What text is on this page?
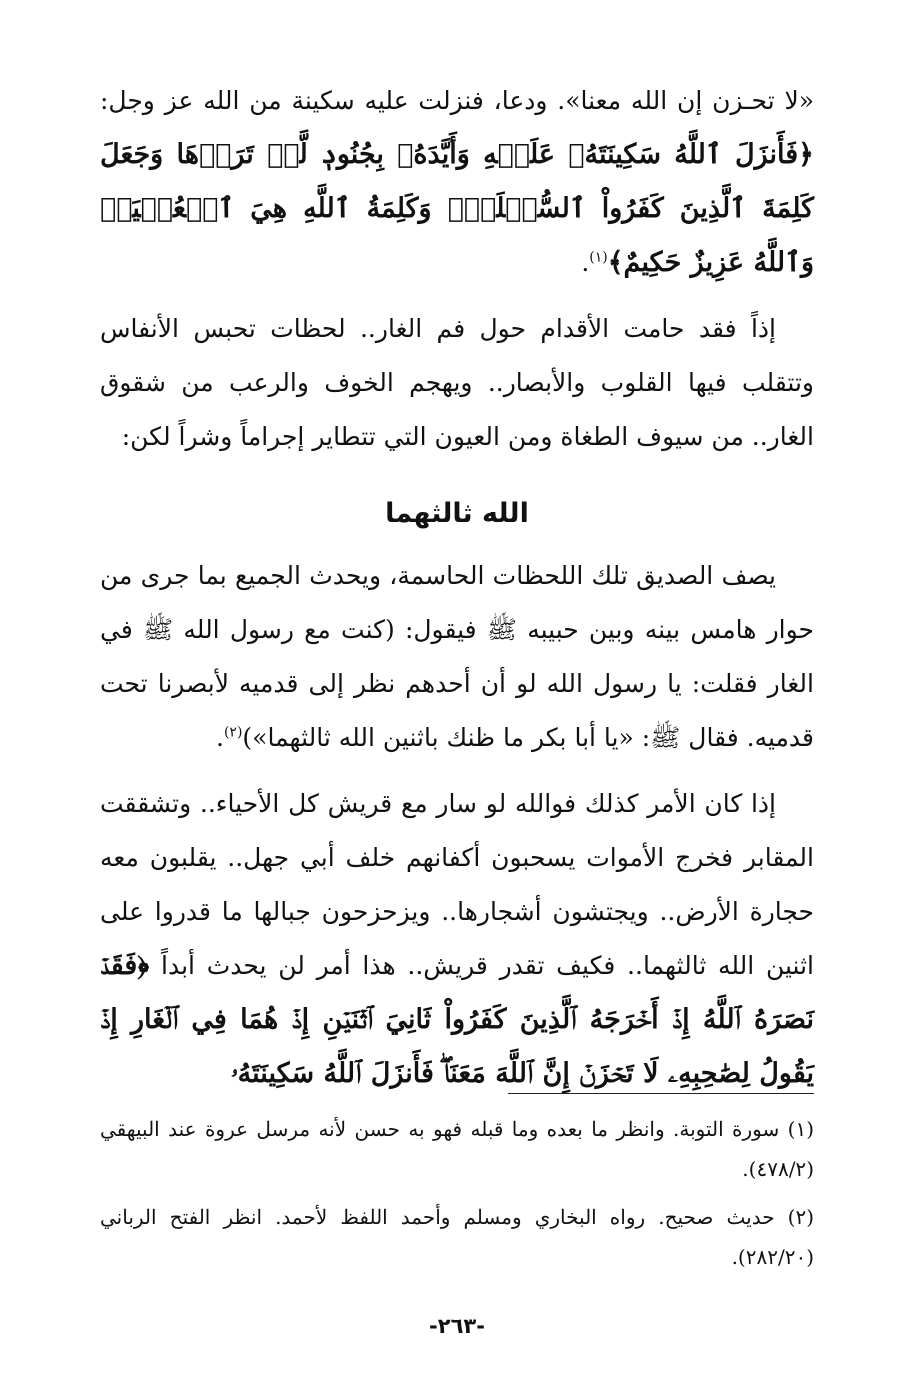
«لا تحـزن إن الله معنا». ودعا، فنزلت عليه سكينة من الله عز وجل: ﴿فَأَنزَلَ ٱللَّهُ سَكِينَتَهُۥ عَلَيۡهِ وَأَيَّدَهُۥ بِجُنُودٖ لَّمۡ تَرَوۡهَا وَجَعَلَ كَلِمَةَ ٱلَّذِينَ كَفَرُواْ ٱلسُّفۡلَىٰۗ وَكَلِمَةُ ٱللَّهِ هِيَ ٱلۡعُلۡيَاۗ وَٱللَّهُ عَزِيزٌ حَكِيمٌ﴾$^{(١)}$.

إذاً فقد حامت الأقدام حول فم الغار.. لحظات تحبس الأنفاس وتتقلب فيها القلوب والأبصار.. ويهجم الخوف والرعب من شقوق الغار.. من سيوف الطغاة ومن العيون التي تتطاير إجراماً وشراً لكن:

الله ثالثهما

يصف الصديق تلك اللحظات الحاسمة، ويحدث الجميع بما جرى من حوار هامس بينه وبين حبيبه ﷺ فيقول: (كنت مع رسول الله ﷺ في الغار فقلت: يا رسول الله لو أن أحدهم نظر إلى قدميه لأبصرنا تحت قدميه. فقال ﷺ: «يا أبا بكر ما ظنك باثنين الله ثالثهما»)$^{(٢)}$.

إذا كان الأمر كذلك فوالله لو سار مع قريش كل الأحياء.. وتشققت المقابر فخرج الأموات يسحبون أكفانهم خلف أبي جهل.. يقلبون معه حجارة الأرض.. ويجتشون أشجارها.. ويزحزحون جبالها ما قدروا على اثنين الله ثالثهما.. فكيف تقدر قريش.. هذا أمر لن يحدث أبداً ﴿فَقَدۡ نَصَرَهُ ٱللَّهُ إِذۡ أَخۡرَجَهُ ٱلَّذِينَ كَفَرُواْ ثَانِيَ ٱثۡنَيۡنِ إِذۡ هُمَا فِي ٱلۡغَارِ إِذۡ يَقُولُ لِصَٰحِبِهِۦ لَا تَحۡزَنۡ إِنَّ ٱللَّهَ مَعَنَاۖ فَأَنزَلَ ٱللَّهُ سَكِينَتَهُۥ

(١) سورة التوبة. وانظر ما بعده وما قبله فهو به حسن لأنه مرسل عروة عند البيهقي (٤٧٨/٢).

(٢) حديث صحيح. رواه البخاري ومسلم وأحمد اللفظ لأحمد. انظر الفتح الرباني (٢٨٢/٢٠).

-٢٦٣-
